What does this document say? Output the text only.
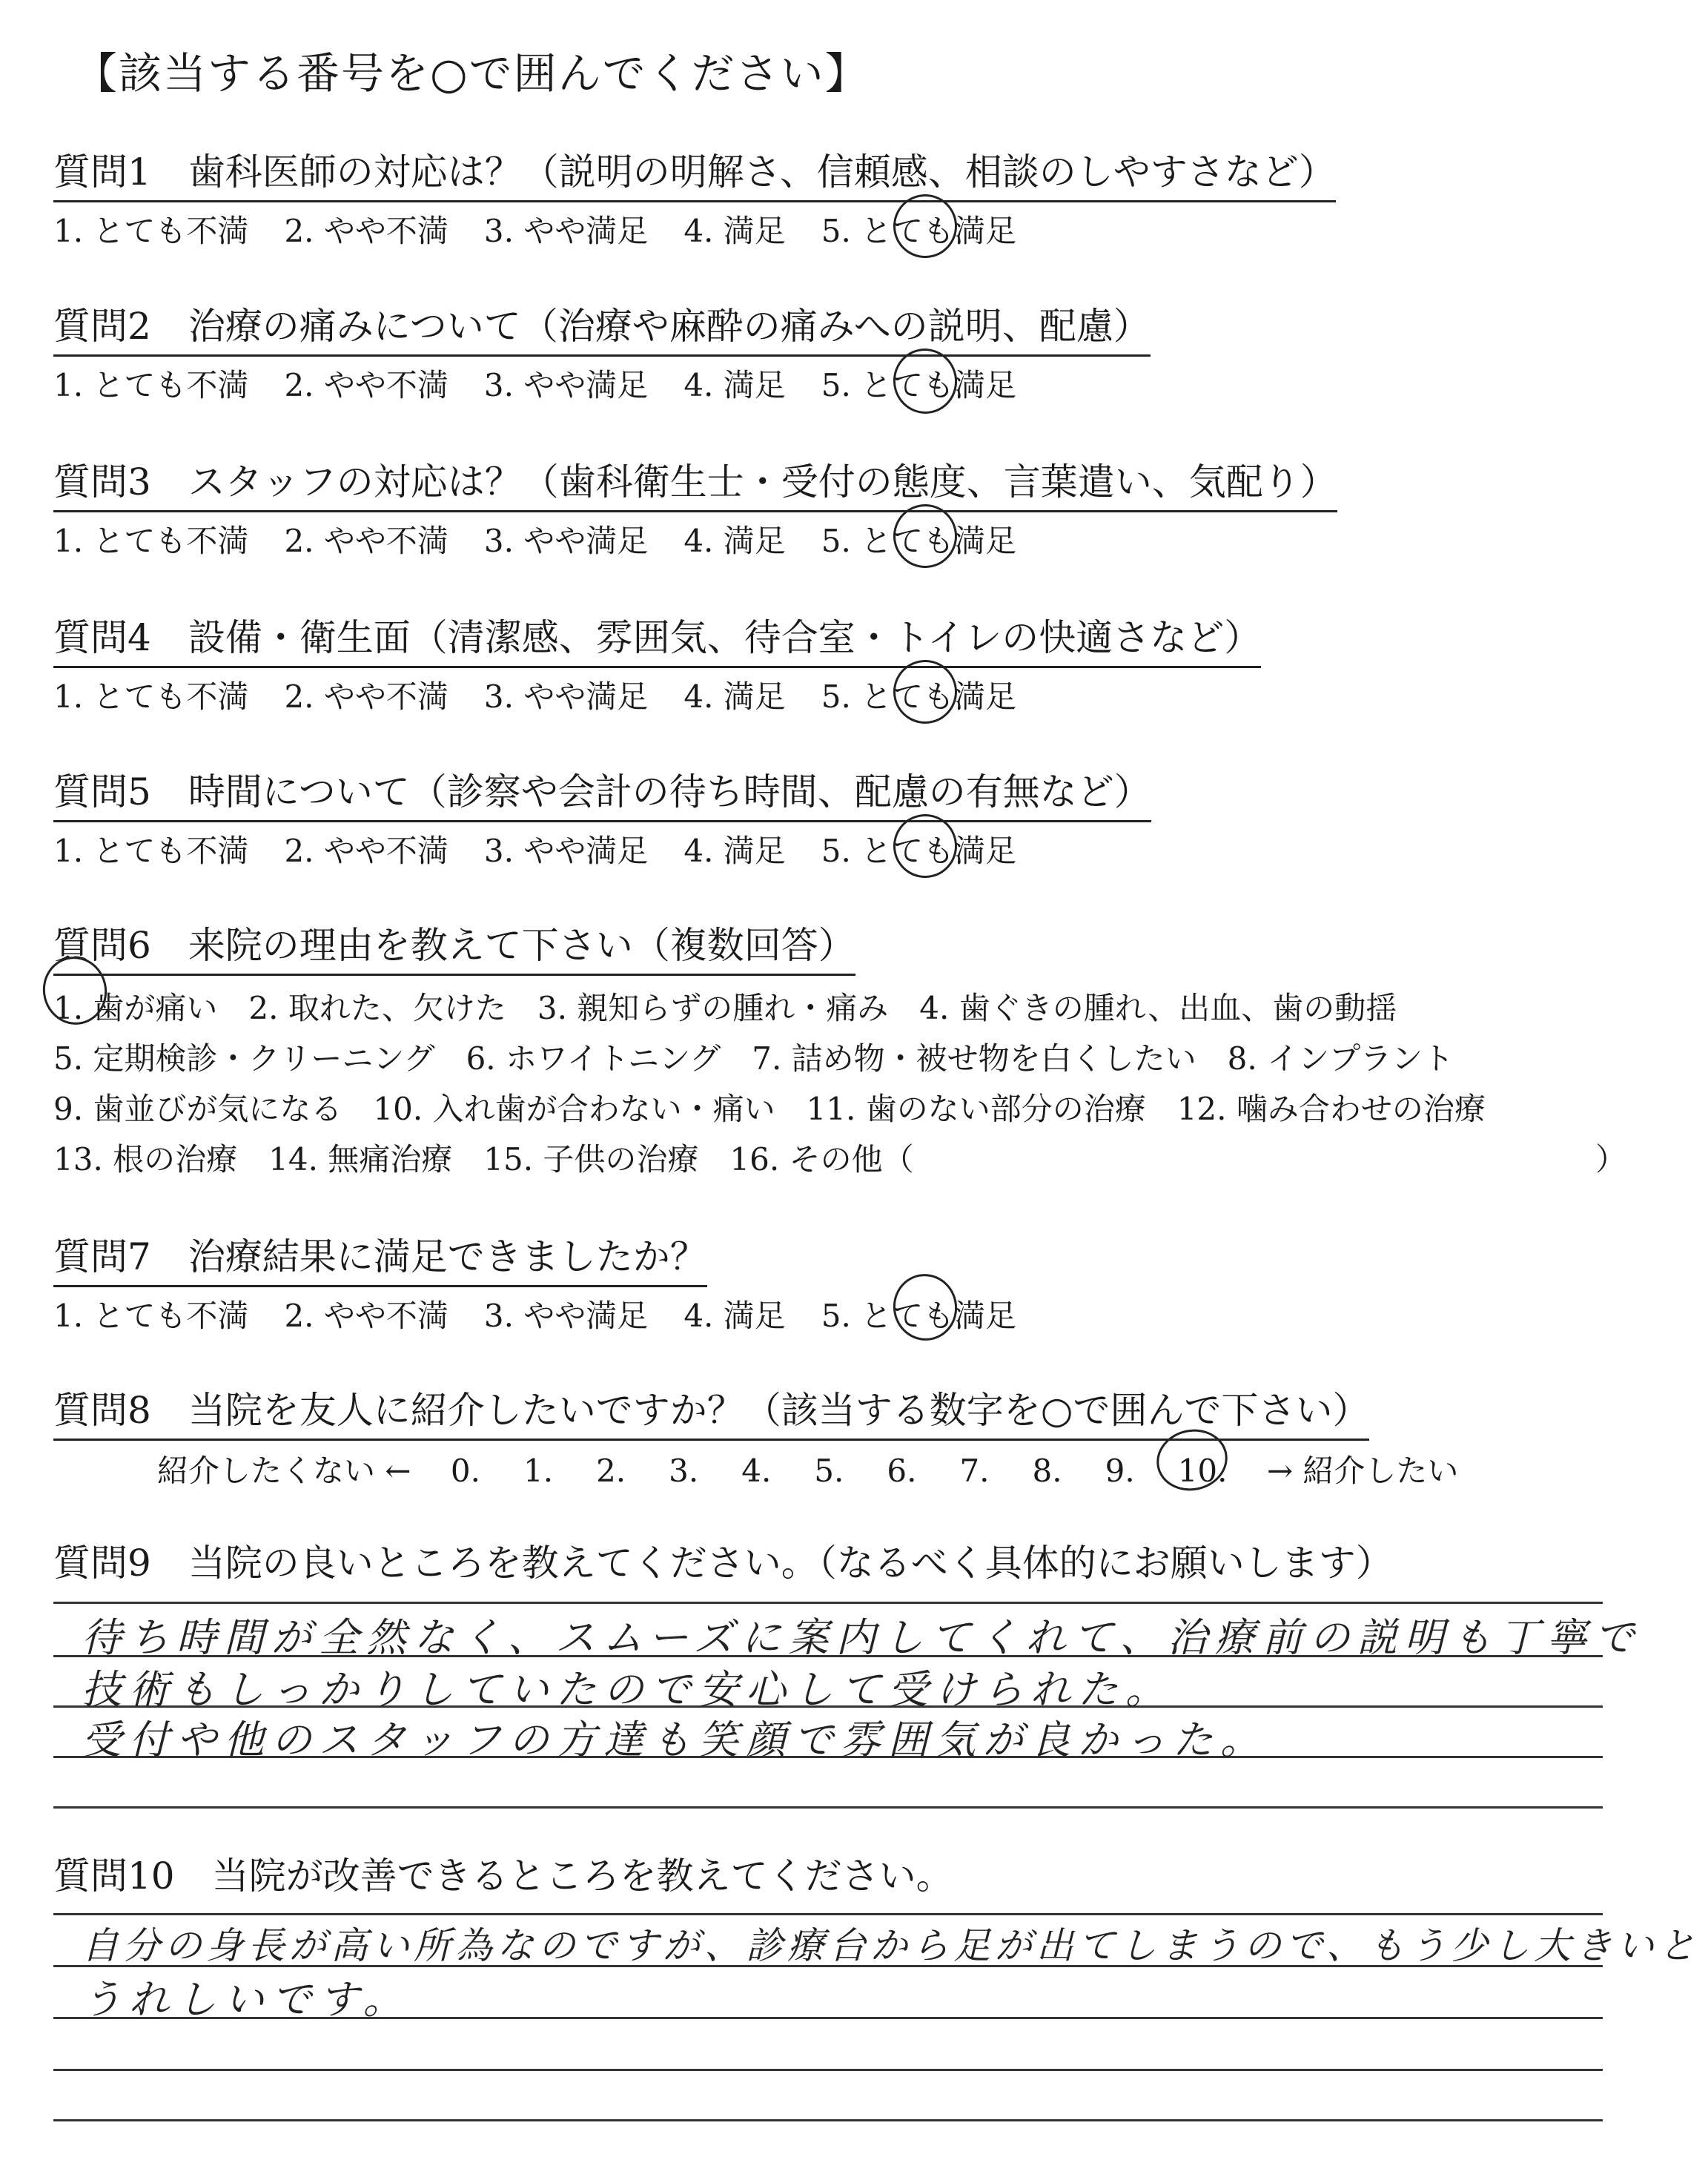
【該当する番号を○で囲んでください】
質問1　 歯科医師の対応は？（説明の明解さ、信頼感、相談のしやすさなど）
1. とても不満 2. やや不満 3. やや満足 4. 満足 5. とても満足
質問2　 治療の痛みについて（治療や麻酔の痛みへの説明、配慮）
1. とても不満 2. やや不満 3. やや満足 4. 満足 5. とても満足
質問3　 スタッフの対応は？（歯科衛生士・受付の態度、言葉遣い、気配り）
1. とても不満 2. やや不満 3. やや満足 4. 満足 5. とても満足
質問4　 設備・衛生面（清潔感、雰囲気、待合室・トイレの快適さなど）
1. とても不満 2. やや不満 3. やや満足 4. 満足 5. とても満足
質問5　 時間について（診察や会計の待ち時間、配慮の有無など）
1. とても不満 2. やや不満 3. やや満足 4. 満足 5. とても満足
質問6　 来院の理由を教えて下さい（複数回答）
1. 歯が痛い　2. 取れた、欠けた　3. 親知らずの腫れ・痛み　4. 歯ぐきの腫れ、出血、歯の動揺
5. 定期検診・クリーニング　6. ホワイトニング　7. 詰め物・被せ物を白くしたい　8. インプラント
9. 歯並びが気になる　10. 入れ歯が合わない・痛い　11. 歯のない部分の治療　12. 噛み合わせの治療
13. 根の治療　14. 無痛治療　15. 子供の治療　16. その他（	）
質問7　 治療結果に満足できましたか？
1. とても不満 2. やや不満 3. やや満足 4. 満足 5. とても満足
質問8　 当院を友人に紹介したいですか？（該当する数字を○で囲んで下さい）
紹介したくない ← 0. 1. 2. 3. 4. 5. 6. 7. 8. 9. 10. → 紹介したい
質問9　 当院の良いところを教えてください。（なるべく具体的にお願いします）
待ち時間が全然なく、スムーズに案内してくれて、治療前の説明も丁寧で
技術もしっかりしていたので安心して受けられた。
受付や他のスタッフの方達も笑顔で雰囲気が良かった。
質問10　 当院が改善できるところを教えてください。
自分の身長が高い所為なのですが、診療台から足が出てしまうので、もう少し大きいと
うれしいです。
